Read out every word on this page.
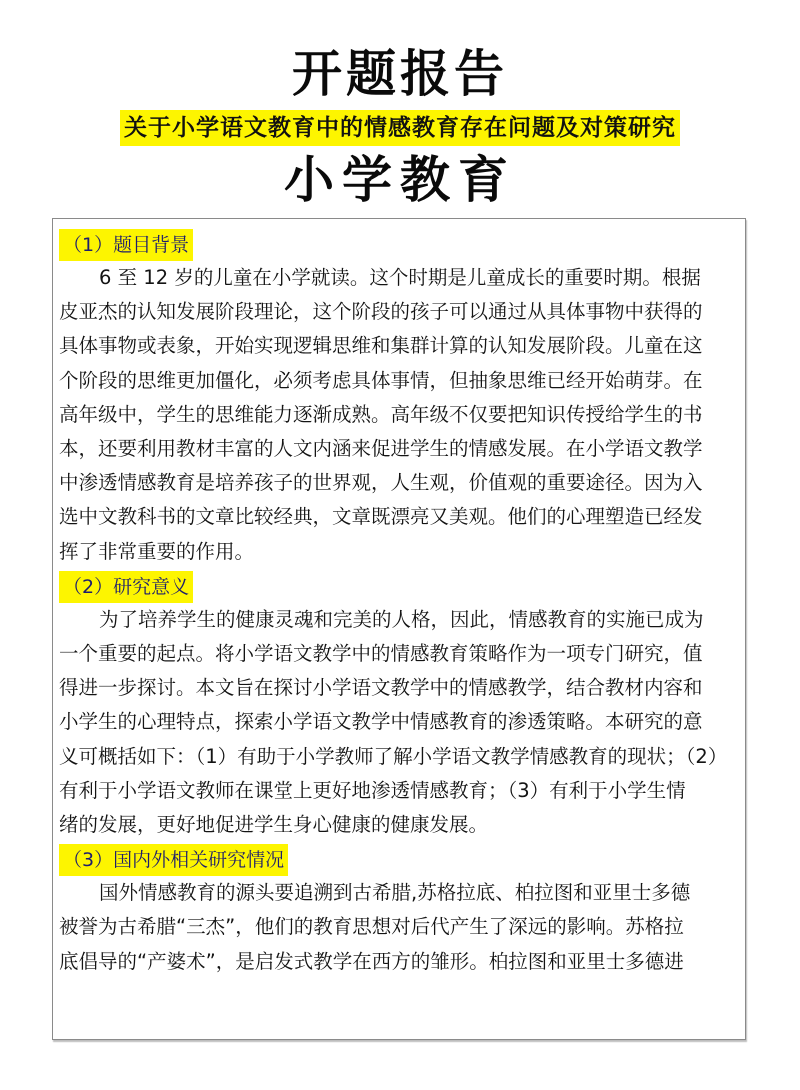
开题报告
关于小学语文教育中的情感教育存在问题及对策研究
小学教育
（1）题目背景
6 至 12 岁的儿童在小学就读。这个时期是儿童成长的重要时期。根据
皮亚杰的认知发展阶段理论，这个阶段的孩子可以通过从具体事物中获得的
具体事物或表象，开始实现逻辑思维和集群计算的认知发展阶段。儿童在这
个阶段的思维更加僵化，必须考虑具体事情，但抽象思维已经开始萌芽。在
高年级中，学生的思维能力逐渐成熟。高年级不仅要把知识传授给学生的书
本，还要利用教材丰富的人文内涵来促进学生的情感发展。在小学语文教学
中渗透情感教育是培养孩子的世界观，人生观，价值观的重要途径。因为入
选中文教科书的文章比较经典，文章既漂亮又美观。他们的心理塑造已经发
挥了非常重要的作用。
（2）研究意义
为了培养学生的健康灵魂和完美的人格，因此，情感教育的实施已成为
一个重要的起点。将小学语文教学中的情感教育策略作为一项专门研究，值
得进一步探讨。本文旨在探讨小学语文教学中的情感教学，结合教材内容和
小学生的心理特点，探索小学语文教学中情感教育的渗透策略。本研究的意
义可概括如下：（1）有助于小学教师了解小学语文教学情感教育的现状；（2）
有利于小学语文教师在课堂上更好地渗透情感教育；（3）有利于小学生情
绪的发展，更好地促进学生身心健康的健康发展。
（3）国内外相关研究情况
国外情感教育的源头要追溯到古希腊,苏格拉底、柏拉图和亚里士多德
被誉为古希腊“三杰”，他们的教育思想对后代产生了深远的影响。苏格拉
底倡导的“产婆术”，是启发式教学在西方的雏形。柏拉图和亚里士多德进
